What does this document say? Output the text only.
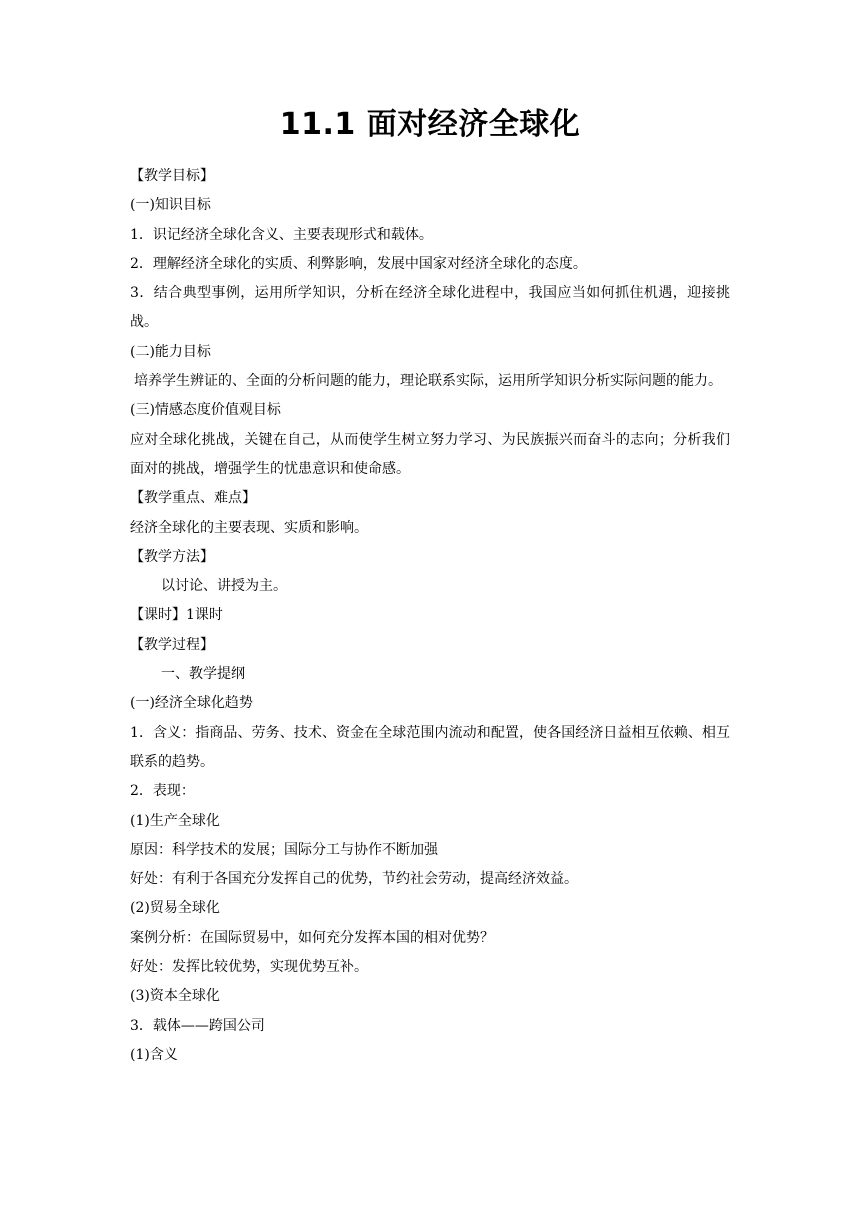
11.1 面对经济全球化
【教学目标】
(一)知识目标
1．识记经济全球化含义、主要表现形式和载体。
2．理解经济全球化的实质、利弊影响，发展中国家对经济全球化的态度。
3．结合典型事例，运用所学知识，分析在经济全球化进程中，我国应当如何抓住机遇，迎接挑战。
(二)能力目标
培养学生辨证的、全面的分析问题的能力，理论联系实际，运用所学知识分析实际问题的能力。
(三)情感态度价值观目标
应对全球化挑战，关键在自己，从而使学生树立努力学习、为民族振兴而奋斗的志向；分析我们面对的挑战，增强学生的忧患意识和使命感。
【教学重点、难点】
经济全球化的主要表现、实质和影响。
【教学方法】
以讨论、讲授为主。
【课时】1课时
【教学过程】
一、教学提纲
(一)经济全球化趋势
1．含义：指商品、劳务、技术、资金在全球范围内流动和配置，使各国经济日益相互依赖、相互联系的趋势。
2．表现：
(1)生产全球化
原因：科学技术的发展；国际分工与协作不断加强
好处：有利于各国充分发挥自己的优势，节约社会劳动，提高经济效益。
(2)贸易全球化
案例分析：在国际贸易中，如何充分发挥本国的相对优势？
好处：发挥比较优势，实现优势互补。
(3)资本全球化
3．载体——跨国公司
(1)含义
